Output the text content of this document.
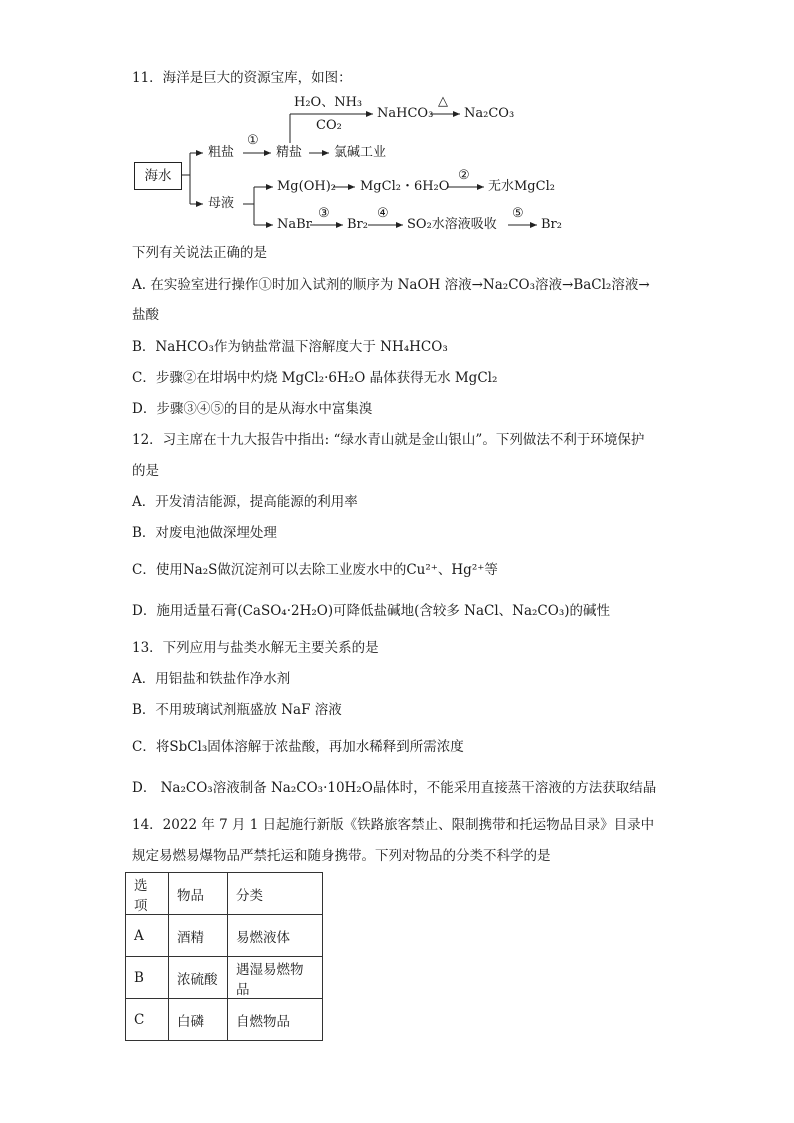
11．海洋是巨大的资源宝库，如图：
海水
粗盐
①
精盐 氯碱工业
H₂O、NH₃
CO₂
NaHCO₃
△
Na₂CO₃
母液
Mg(OH)₂ MgCl₂・6H₂O
②
无水MgCl₂
NaBr
③
Br₂
④
SO₂水溶液吸收
⑤
Br₂
下列有关说法正确的是
A. 在实验室进行操作①时加入试剂的顺序为 NaOH 溶液→Na₂CO₃溶液→BaCl₂溶液→
盐酸
B．NaHCO₃作为钠盐常温下溶解度大于 NH₄HCO₃
C．步骤②在坩埚中灼烧 MgCl₂·6H₂O 晶体获得无水 MgCl₂
D．步骤③④⑤的目的是从海水中富集溴
12．习主席在十九大报告中指出: “绿水青山就是金山银山”。下列做法不利于环境保护
的是
A．开发清洁能源，提高能源的利用率
B．对废电池做深埋处理
C．使用Na₂S做沉淀剂可以去除工业废水中的Cu²⁺、Hg²⁺等
D．施用适量石膏(CaSO₄·2H₂O)可降低盐碱地(含较多 NaCl、Na₂CO₃)的碱性
13．下列应用与盐类水解无主要关系的是
A．用铝盐和铁盐作净水剂
B．不用玻璃试剂瓶盛放 NaF 溶液
C．将SbCl₃固体溶解于浓盐酸，再加水稀释到所需浓度
D． Na₂CO₃溶液制备 Na₂CO₃·10H₂O晶体时，不能采用直接蒸干溶液的方法获取结晶
14．2022 年 7 月 1 日起施行新版《铁路旅客禁止、限制携带和托运物品目录》目录中
规定易燃易爆物品严禁托运和随身携带。下列对物品的分类不科学的是
选项	物品	分类
A	酒精	易燃液体
B	浓硫酸	遇湿易燃物品
C	白磷	自燃物品
